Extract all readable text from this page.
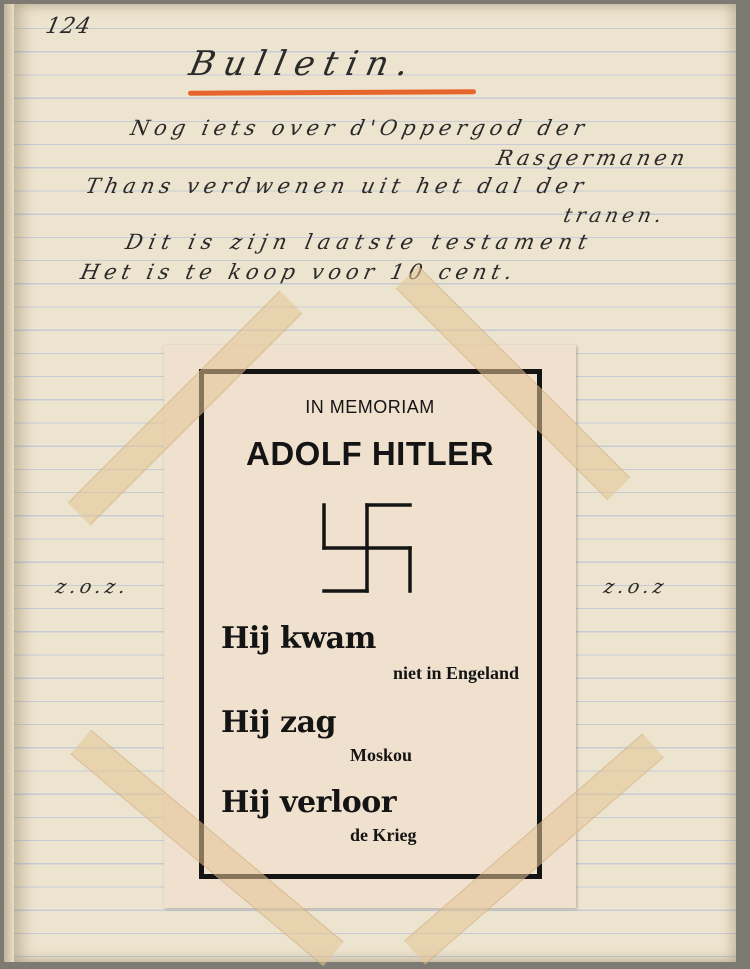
124

Bulletin.

Nog iets over d'Oppergod der

Rasgermanen

Thans verdwenen uit het dal der

tranen.

Dit is zijn laatste testament

Het is te koop voor 10 cent.

z.o.z.	z.o.z

IN MEMORIAM

ADOLF HITLER

Hij kwam

niet in Engeland

Hij zag

Moskou

Hij verloor

de Krieg
